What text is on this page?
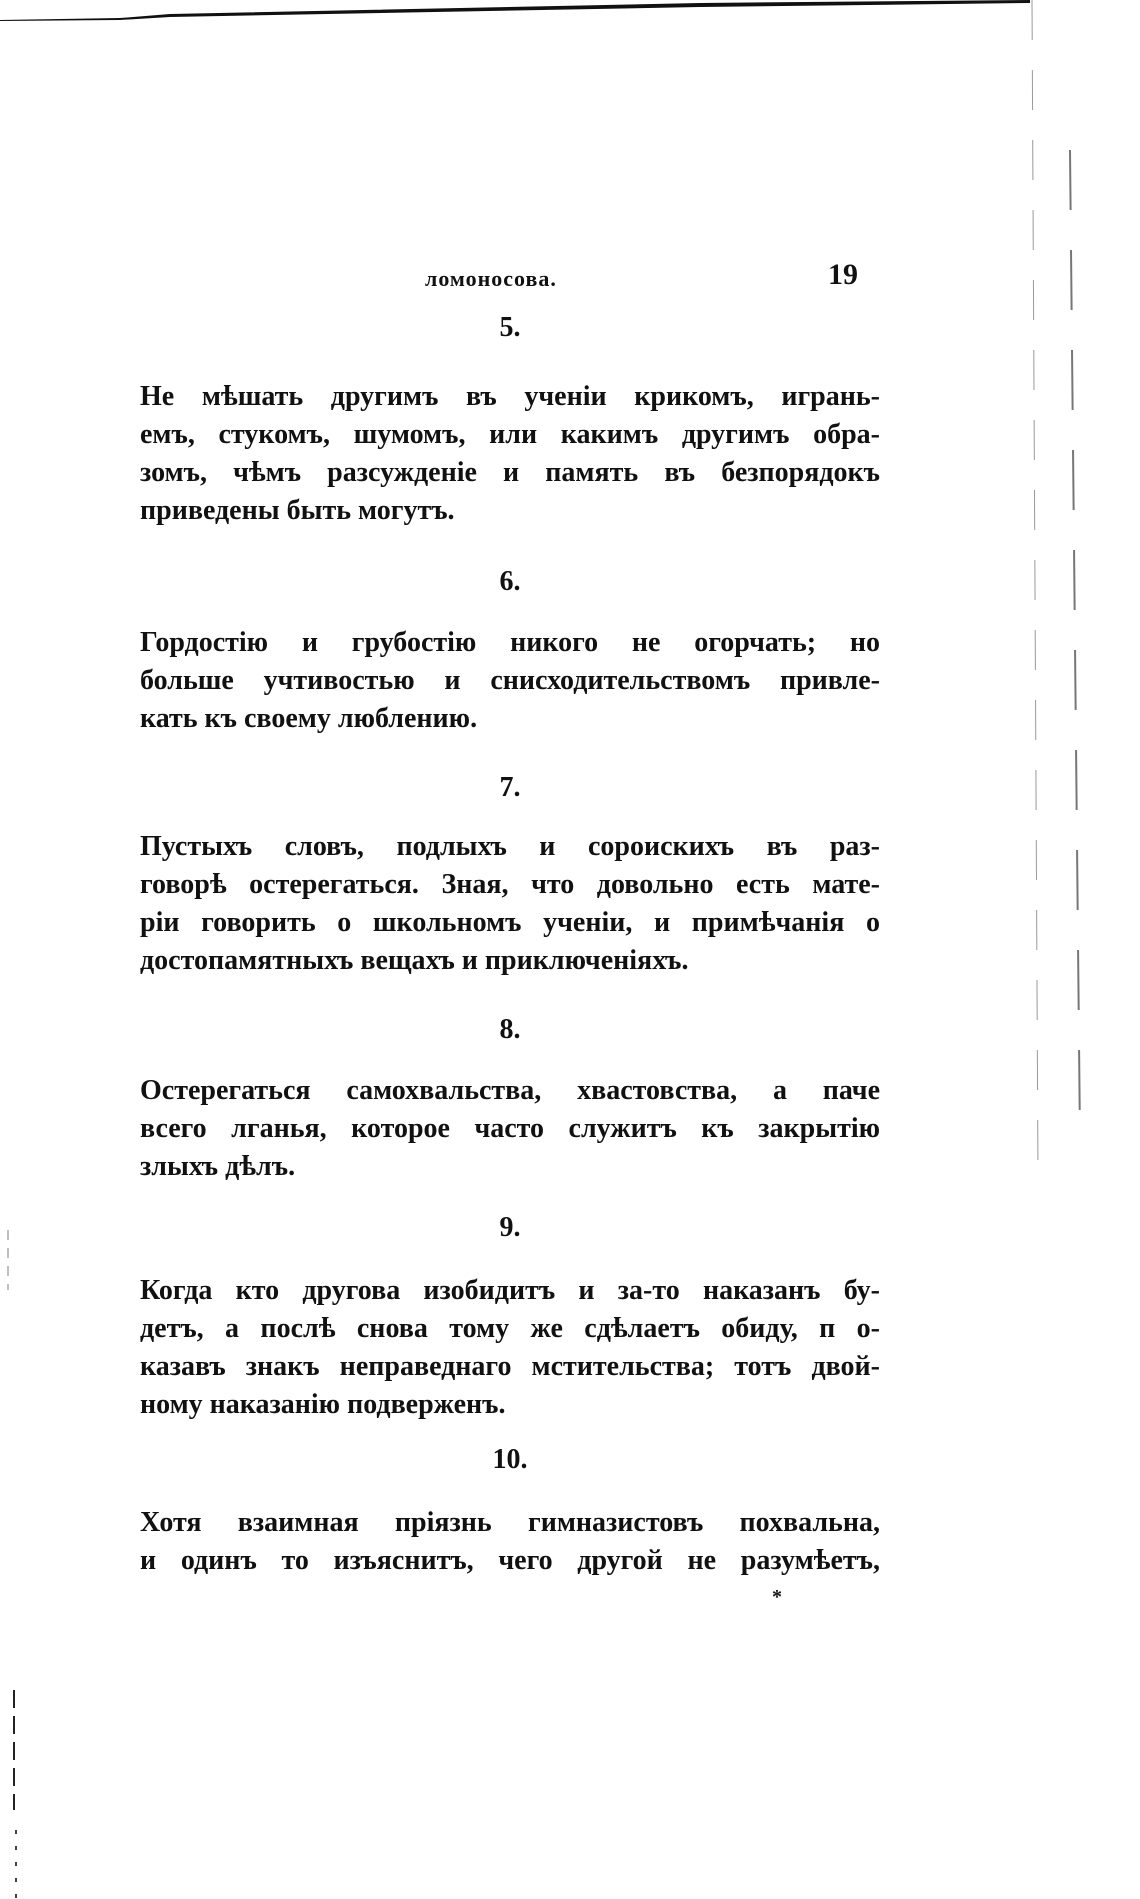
ломоносова.	19
5.
Не мѣшать другимъ въ ученіи крикомъ, игрань-
емъ, стукомъ, шумомъ, или какимъ другимъ обра-
зомъ, чѣмъ разсужденіе и память въ безпорядокъ
приведены быть могутъ.
6.
Гордостію и грубостію никого не огорчать; но
больше учтивостью и снисходительствомъ привле-
кать къ своему люблению.
7.
Пустыхъ словъ, подлыхъ и сороискихъ въ раз-
говорѣ остерегаться. Зная, что довольно есть мате-
ріи говорить о школьномъ ученіи, и примѣчанія о
достопамятныхъ вещахъ и приключеніяхъ.
8.
Остерегаться самохвальства, хвастовства, а паче
всего лганья, которое часто служитъ къ закрытію
злыхъ дѣлъ.
9.
Когда кто другова изобидитъ и за-то наказанъ бу-
детъ, а послѣ снова тому же сдѣлаетъ обиду, п о-
казавъ знакъ неправеднаго мстительства; тотъ двой-
ному наказанію подверженъ.
10.
Хотя взаимная пріязнь гимназистовъ похвальна,
и одинъ то изъяснитъ, чего другой не разумѣетъ,
*
